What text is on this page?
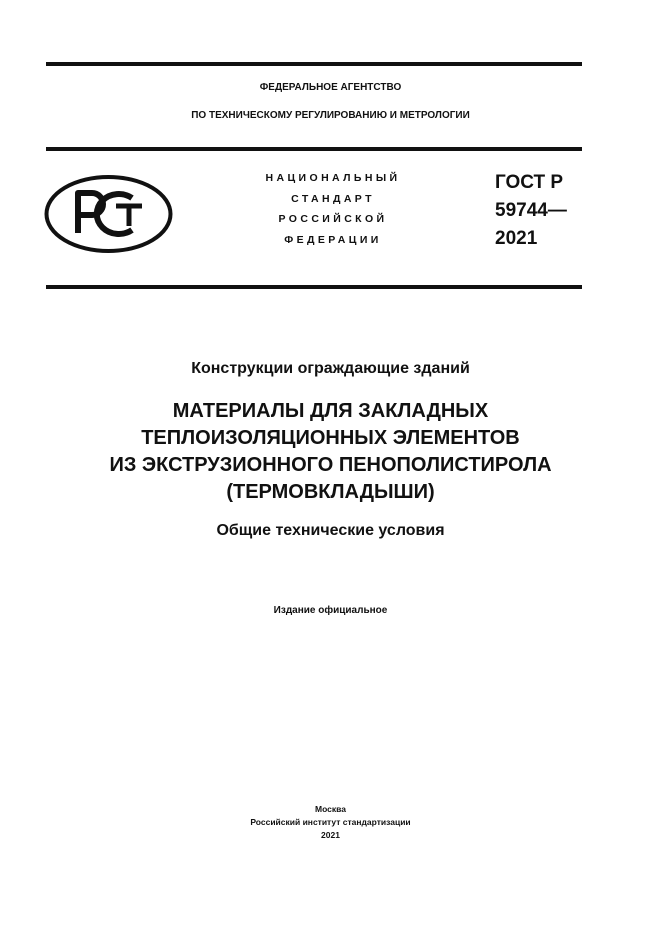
ФЕДЕРАЛЬНОЕ АГЕНТСТВО
ПО ТЕХНИЧЕСКОМУ РЕГУЛИРОВАНИЮ И МЕТРОЛОГИИ
НАЦИОНАЛЬНЫЙ
СТАНДАРТ
РОССИЙСКОЙ
ФЕДЕРАЦИИ
ГОСТ Р
59744—
2021
Конструкции ограждающие зданий
МАТЕРИАЛЫ ДЛЯ ЗАКЛАДНЫХ
ТЕПЛОИЗОЛЯЦИОННЫХ ЭЛЕМЕНТОВ
ИЗ ЭКСТРУЗИОННОГО ПЕНОПОЛИСТИРОЛА
(ТЕРМОВКЛАДЫШИ)
Общие технические условия
Издание официальное
Москва
Российский институт стандартизации
2021
